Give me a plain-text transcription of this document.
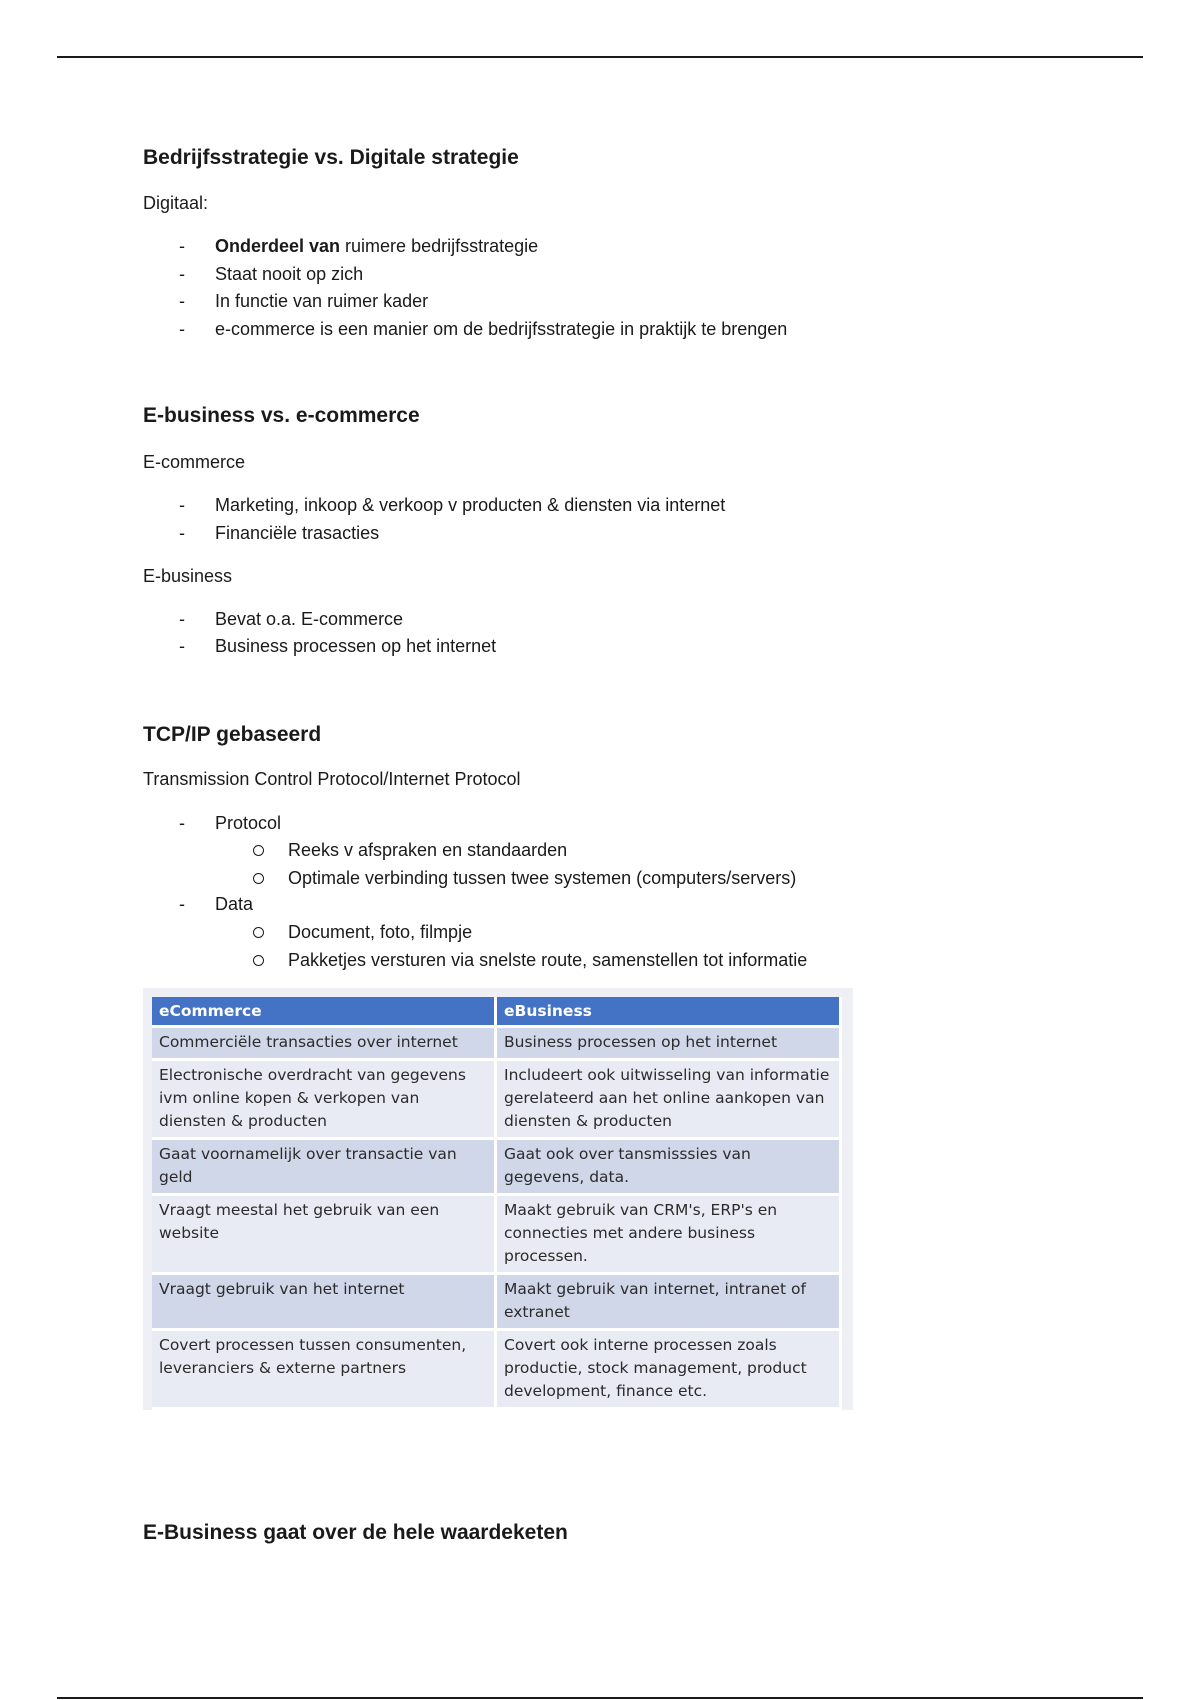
Bedrijfsstrategie vs. Digitale strategie
Digitaal:
- Onderdeel van ruimere bedrijfsstrategie
- Staat nooit op zich
- In functie van ruimer kader
- e-commerce is een manier om de bedrijfsstrategie in praktijk te brengen
E-business vs. e-commerce
E-commerce
- Marketing, inkoop & verkoop v producten & diensten via internet
- Financiële trasacties
E-business
- Bevat o.a. E-commerce
- Business processen op het internet
TCP/IP gebaseerd
Transmission Control Protocol/Internet Protocol
- Protocol
Reeks v afspraken en standaarden
Optimale verbinding tussen twee systemen (computers/servers)
- Data
Document, foto, filmpje
Pakketjes versturen via snelste route, samenstellen tot informatie
E-Business gaat over de hele waardeketen
eCommerce	eBusiness
Commerciële transacties over internet	Business processen op het internet
Electronische overdracht van gegevens ivm online kopen & verkopen van diensten & producten	Includeert ook uitwisseling van informatie gerelateerd aan het online aankopen van diensten & producten
Gaat voornamelijk over transactie van geld	Gaat ook over tansmisssies van gegevens, data.
Vraagt meestal het gebruik van een website	Maakt gebruik van CRM's, ERP's en connecties met andere business processen.
Vraagt gebruik van het internet	Maakt gebruik van internet, intranet of extranet
Covert processen tussen consumenten, leveranciers & externe partners	Covert ook interne processen zoals productie, stock management, product development, finance etc.
